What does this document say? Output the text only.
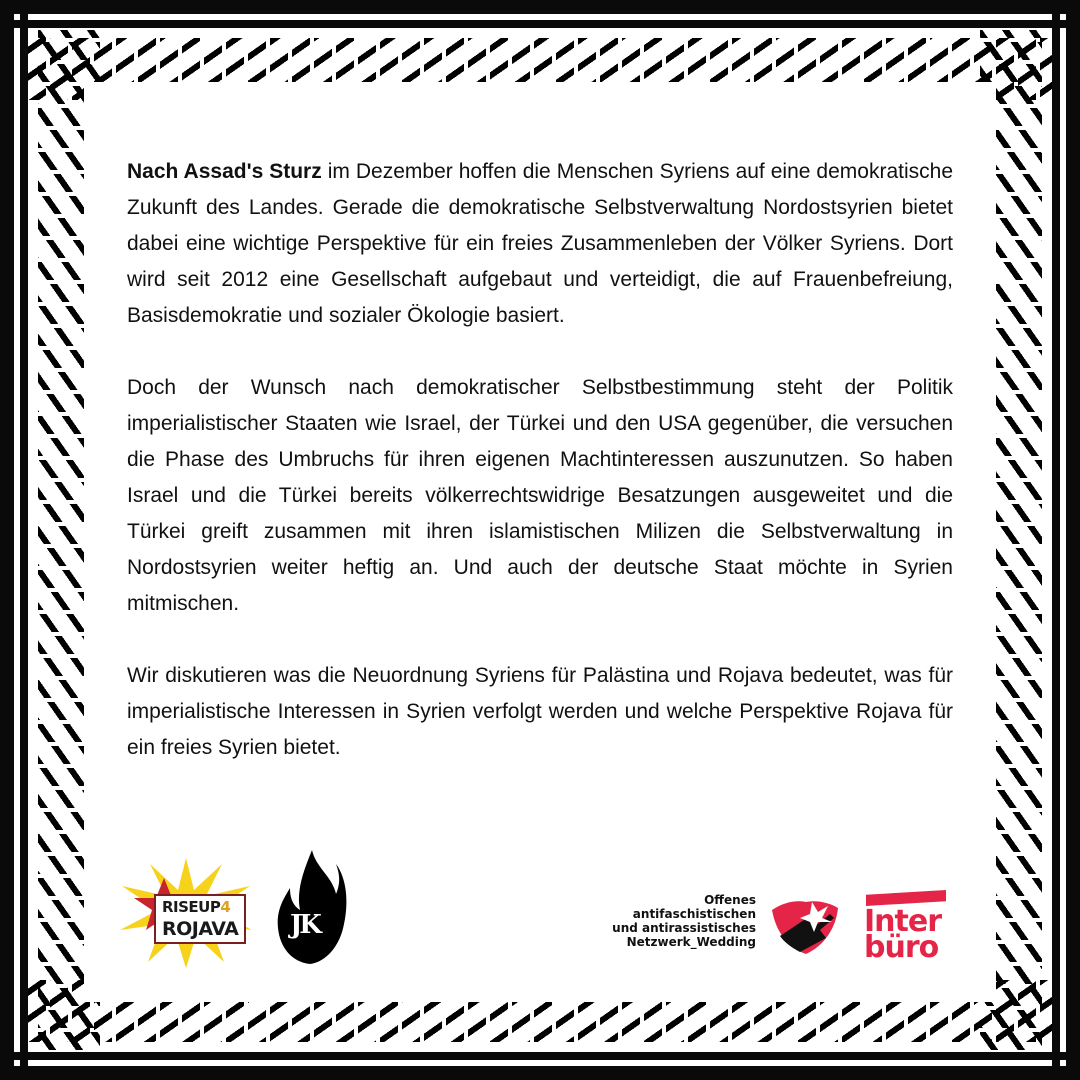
Nach Assad's Sturz im Dezember hoffen die Menschen Syriens auf eine demokratische Zukunft des Landes. Gerade die demokratische Selbstverwaltung Nordostsyrien bietet dabei eine wichtige Perspektive für ein freies Zusammenleben der Völker Syriens. Dort wird seit 2012 eine Gesellschaft aufgebaut und verteidigt, die auf Frauenbefreiung, Basisdemokratie und sozialer Ökologie basiert.

Doch der Wunsch nach demokratischer Selbstbestimmung steht der Politik imperialistischer Staaten wie Israel, der Türkei und den USA gegenüber, die versuchen die Phase des Umbruchs für ihren eigenen Machtinteressen auszunutzen. So haben Israel und die Türkei bereits völkerrechtswidrige Besatzungen ausgeweitet und die Türkei greift zusammen mit ihren islamistischen Milizen die Selbstverwaltung in Nordostsyrien weiter heftig an. Und auch der deutsche Staat möchte in Syrien mitmischen.

Wir diskutieren was die Neuordnung Syriens für Palästina und Rojava bedeutet, was für imperialistische Interessen in Syrien verfolgt werden und welche Perspektive Rojava für ein freies Syrien bietet.

RISEUP4
ROJAVA JK
Offenes
antifaschistischen
und antirassistisches
Netzwerk_Wedding
Inter
büro
